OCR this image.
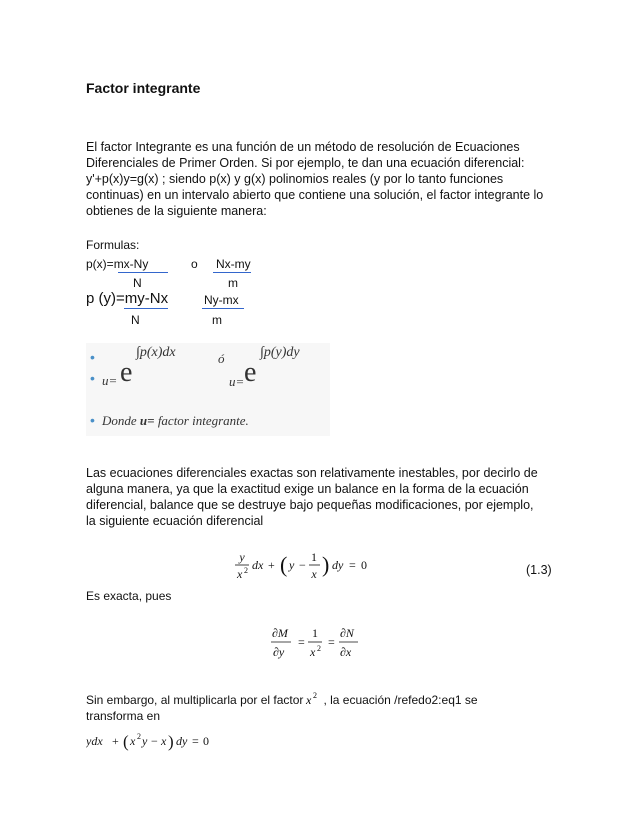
Factor integrante
El factor Integrante es una función de un método de resolución de Ecuaciones
Diferenciales de Primer Orden. Si por ejemplo, te dan una ecuación diferencial:
y'+p(x)y=g(x) ; siendo p(x) y g(x) polinomios reales (y por lo tanto funciones
continuas) en un intervalo abierto que contiene una solución, el factor integrante lo
obtienes de la siguiente manera:
Formulas:
p(x)=mx-Ny	o Nx-my
N	m
p (y)=my-Nx	Ny-mx
N	m
•
• u= e
∫p(x)dx	ó
u= e
∫p(y)dy
• Donde u= factor integrante.
Las ecuaciones diferenciales exactas son relativamente inestables, por decirlo de
alguna manera, ya que la exactitud exige un balance en la forma de la ecuación
diferencial, balance que se destruye bajo pequeñas modificaciones, por ejemplo,
la siguiente ecuación diferencial
y
x 2 dx + ( y −
1
x ) dy = 0	(1.3)
Es exacta, pues
∂M
∂y
=
1
x 2 =
∂N
∂x
Sin embargo, al multiplicarla por el factor x 2 , la ecuación /refedo2:eq1 se
transforma en
ydx + ( x 2 y − x ) dy = 0
